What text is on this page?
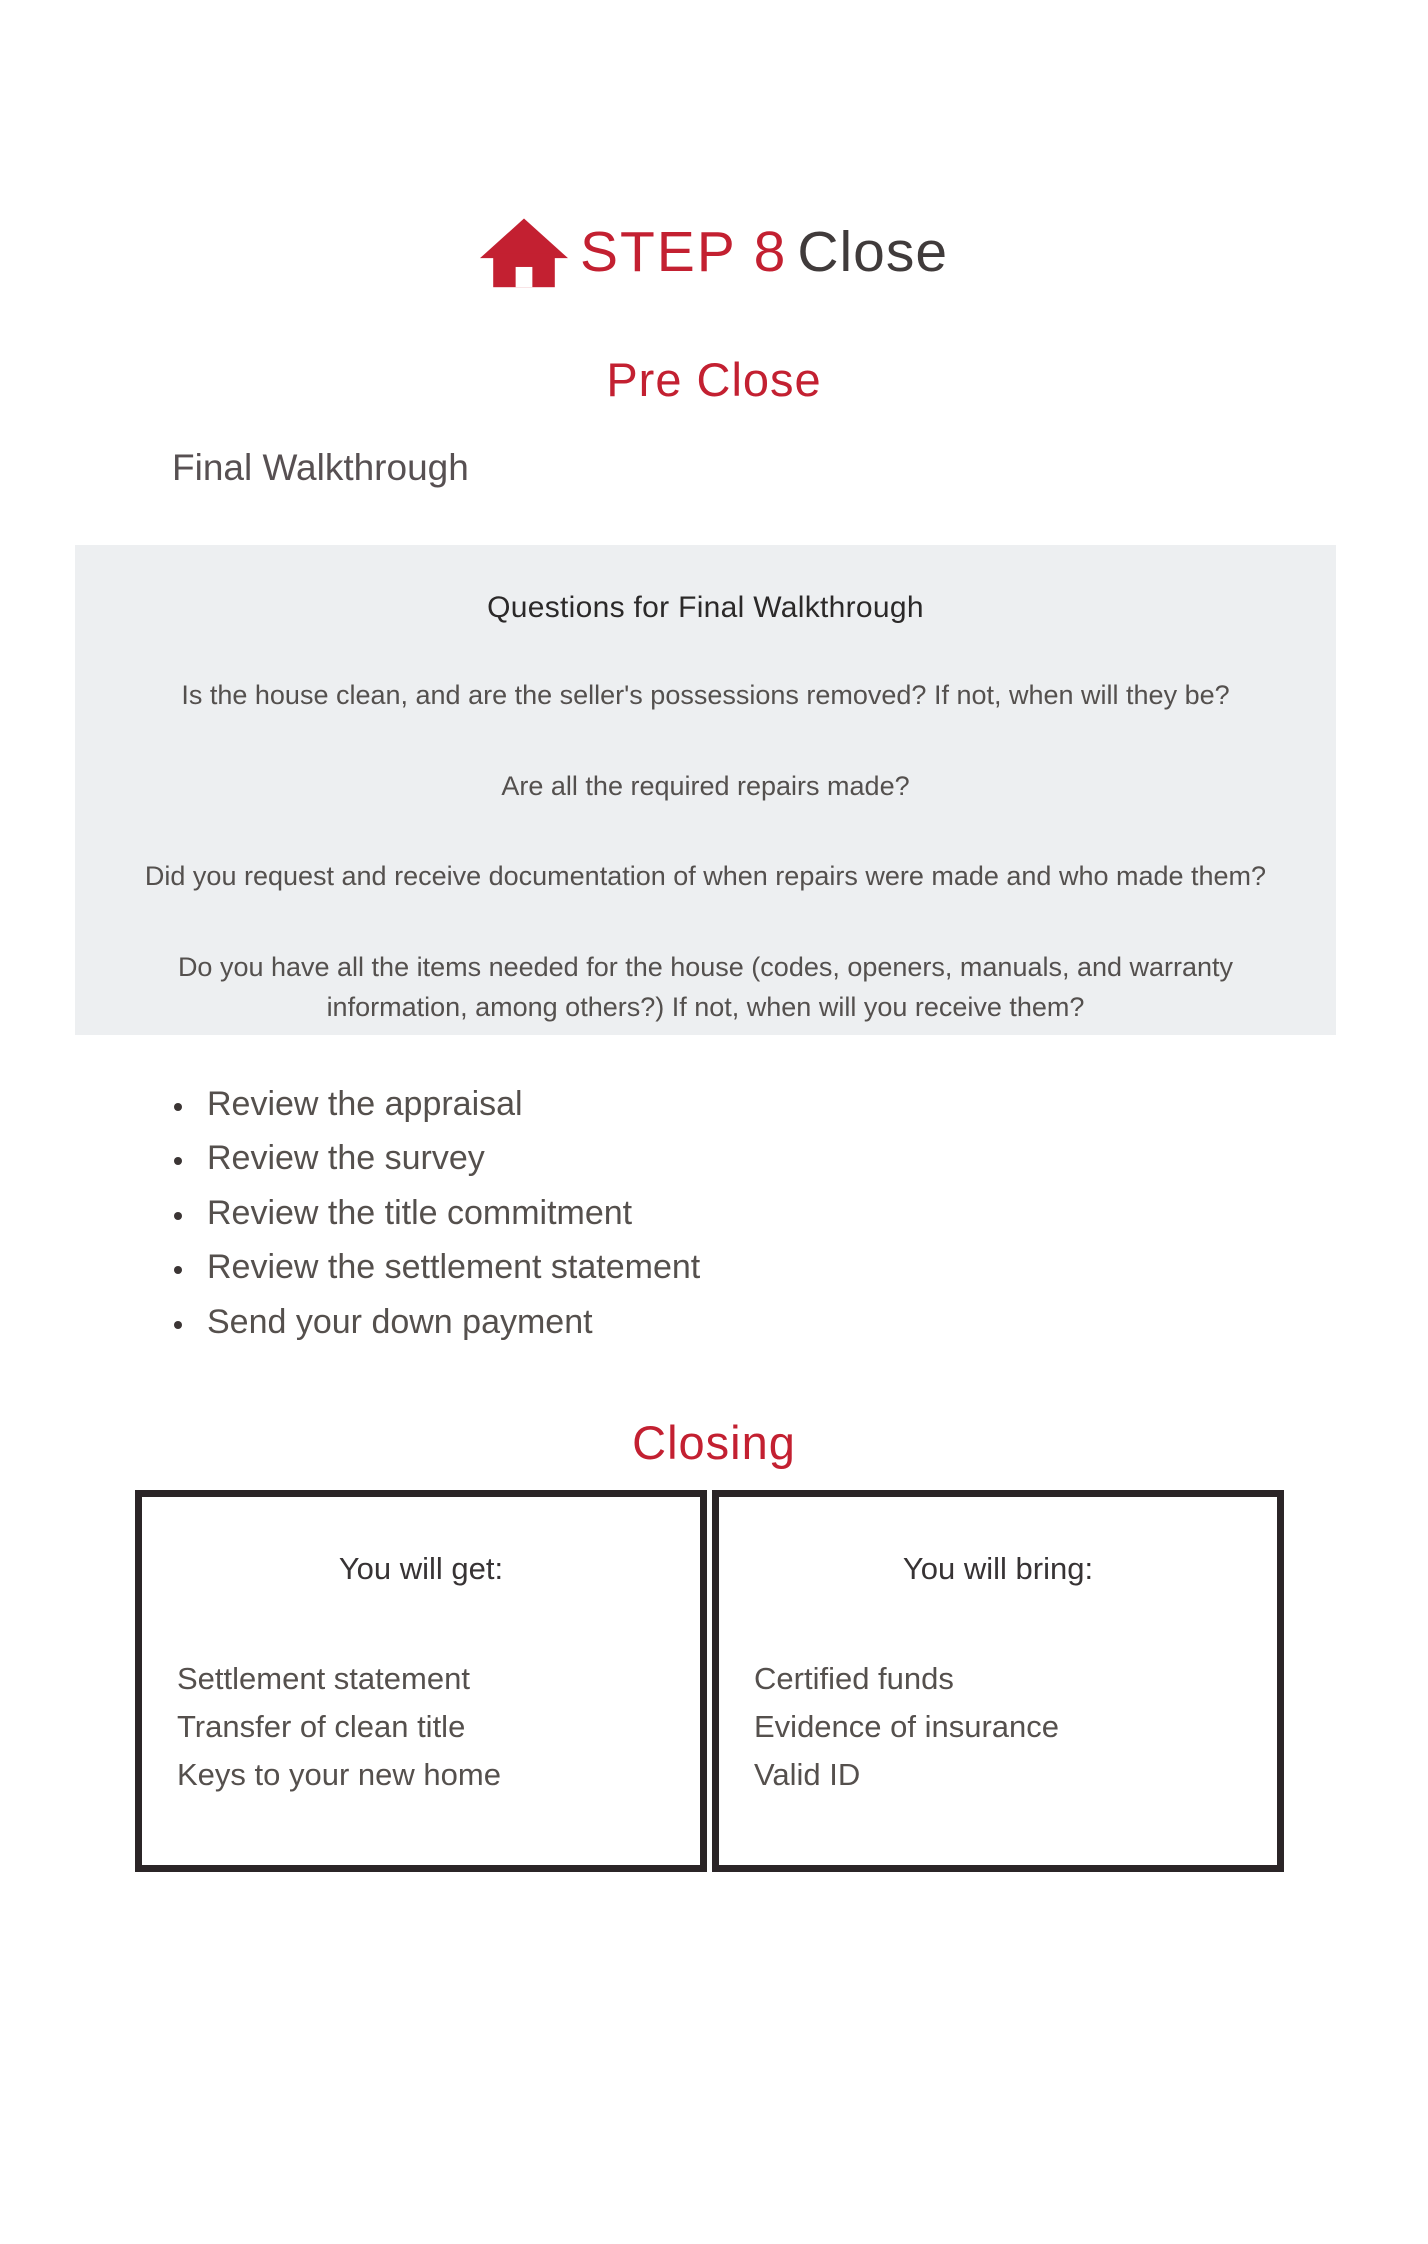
STEP 8 Close
Pre Close
Final Walkthrough
Questions for Final Walkthrough
Is the house clean, and are the seller's possessions removed? If not, when will they be?
Are all the required repairs made?
Did you request and receive documentation of when repairs were made and who made them?
Do you have all the items needed for the house (codes, openers, manuals, and warranty information, among others?) If not, when will you receive them?
• Review the appraisal
• Review the survey
• Review the title commitment
• Review the settlement statement
• Send your down payment
Closing
You will get:
Settlement statement
Transfer of clean title
Keys to your new home
You will bring:
Certified funds
Evidence of insurance
Valid ID
